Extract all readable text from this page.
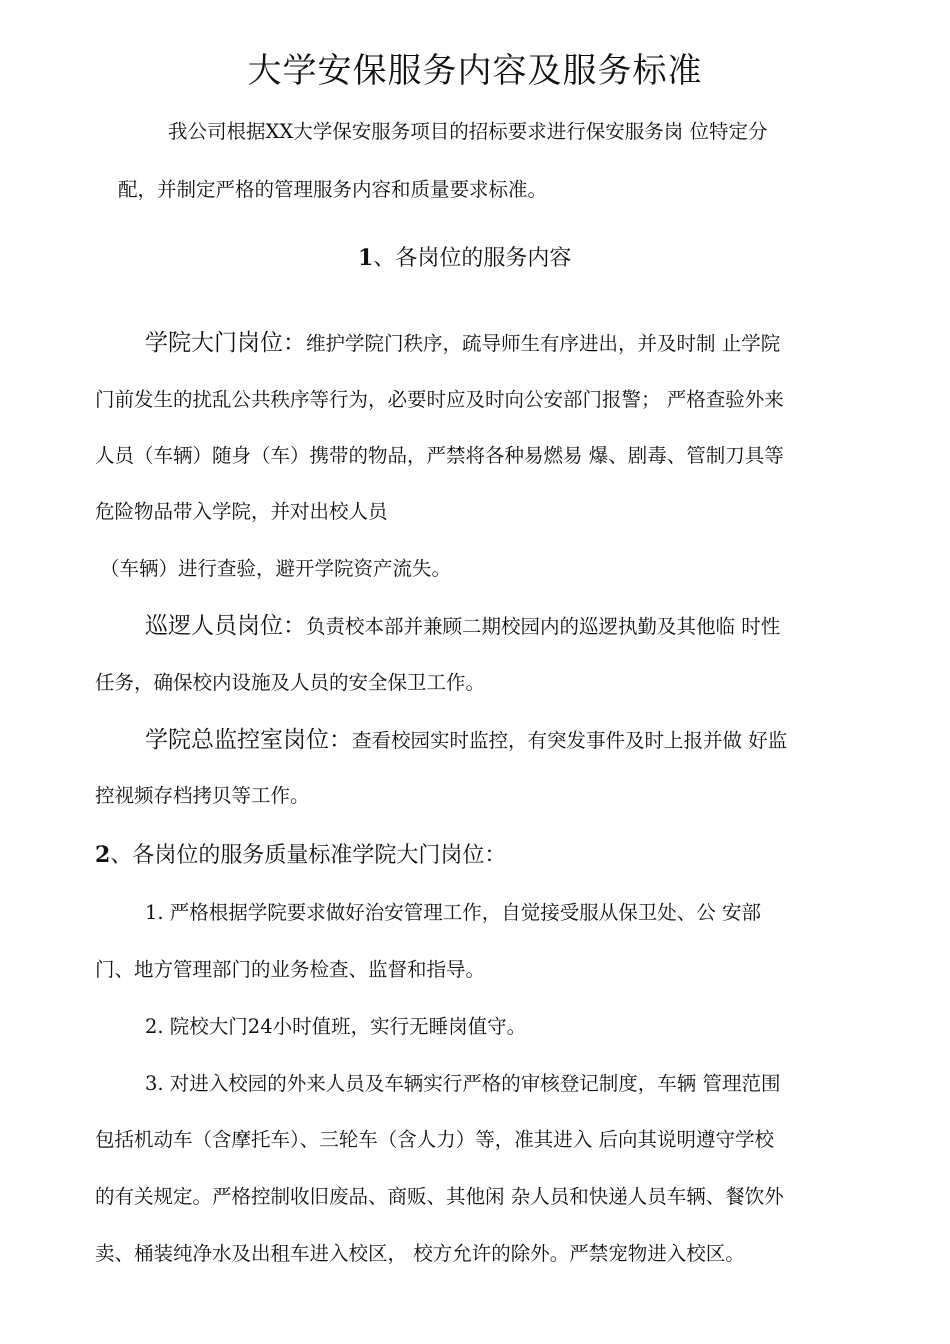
大学安保服务内容及服务标准
我公司根据XX大学保安服务项目的招标要求进行保安服务岗 位特定分
配，并制定严格的管理服务内容和质量要求标准。
1、各岗位的服务内容
学院大门岗位：维护学院门秩序，疏导师生有序进出，并及时制 止学院
门前发生的扰乱公共秩序等行为，必要时应及时向公安部门报警； 严格查验外来
人员（车辆）随身（车）携带的物品，严禁将各种易燃易 爆、剧毒、管制刀具等
危险物品带入学院，并对出校人员
（车辆）进行查验，避开学院资产流失。
巡逻人员岗位：负责校本部并兼顾二期校园内的巡逻执勤及其他临 时性
任务，确保校内设施及人员的安全保卫工作。
学院总监控室岗位：查看校园实时监控，有突发事件及时上报并做 好监
控视频存档拷贝等工作。
2、各岗位的服务质量标准学院大门岗位：
1. 严格根据学院要求做好治安管理工作，自觉接受服从保卫处、公 安部
门、地方管理部门的业务检查、监督和指导。
2. 院校大门24小时值班，实行无睡岗值守。
3. 对进入校园的外来人员及车辆实行严格的审核登记制度，车辆 管理范围
包括机动车（含摩托车）、三轮车（含人力）等，准其进入 后向其说明遵守学校
的有关规定。严格控制收旧废品、商贩、其他闲 杂人员和快递人员车辆、餐饮外
卖、桶装纯净水及出租车进入校区， 校方允许的除外。严禁宠物进入校区。
